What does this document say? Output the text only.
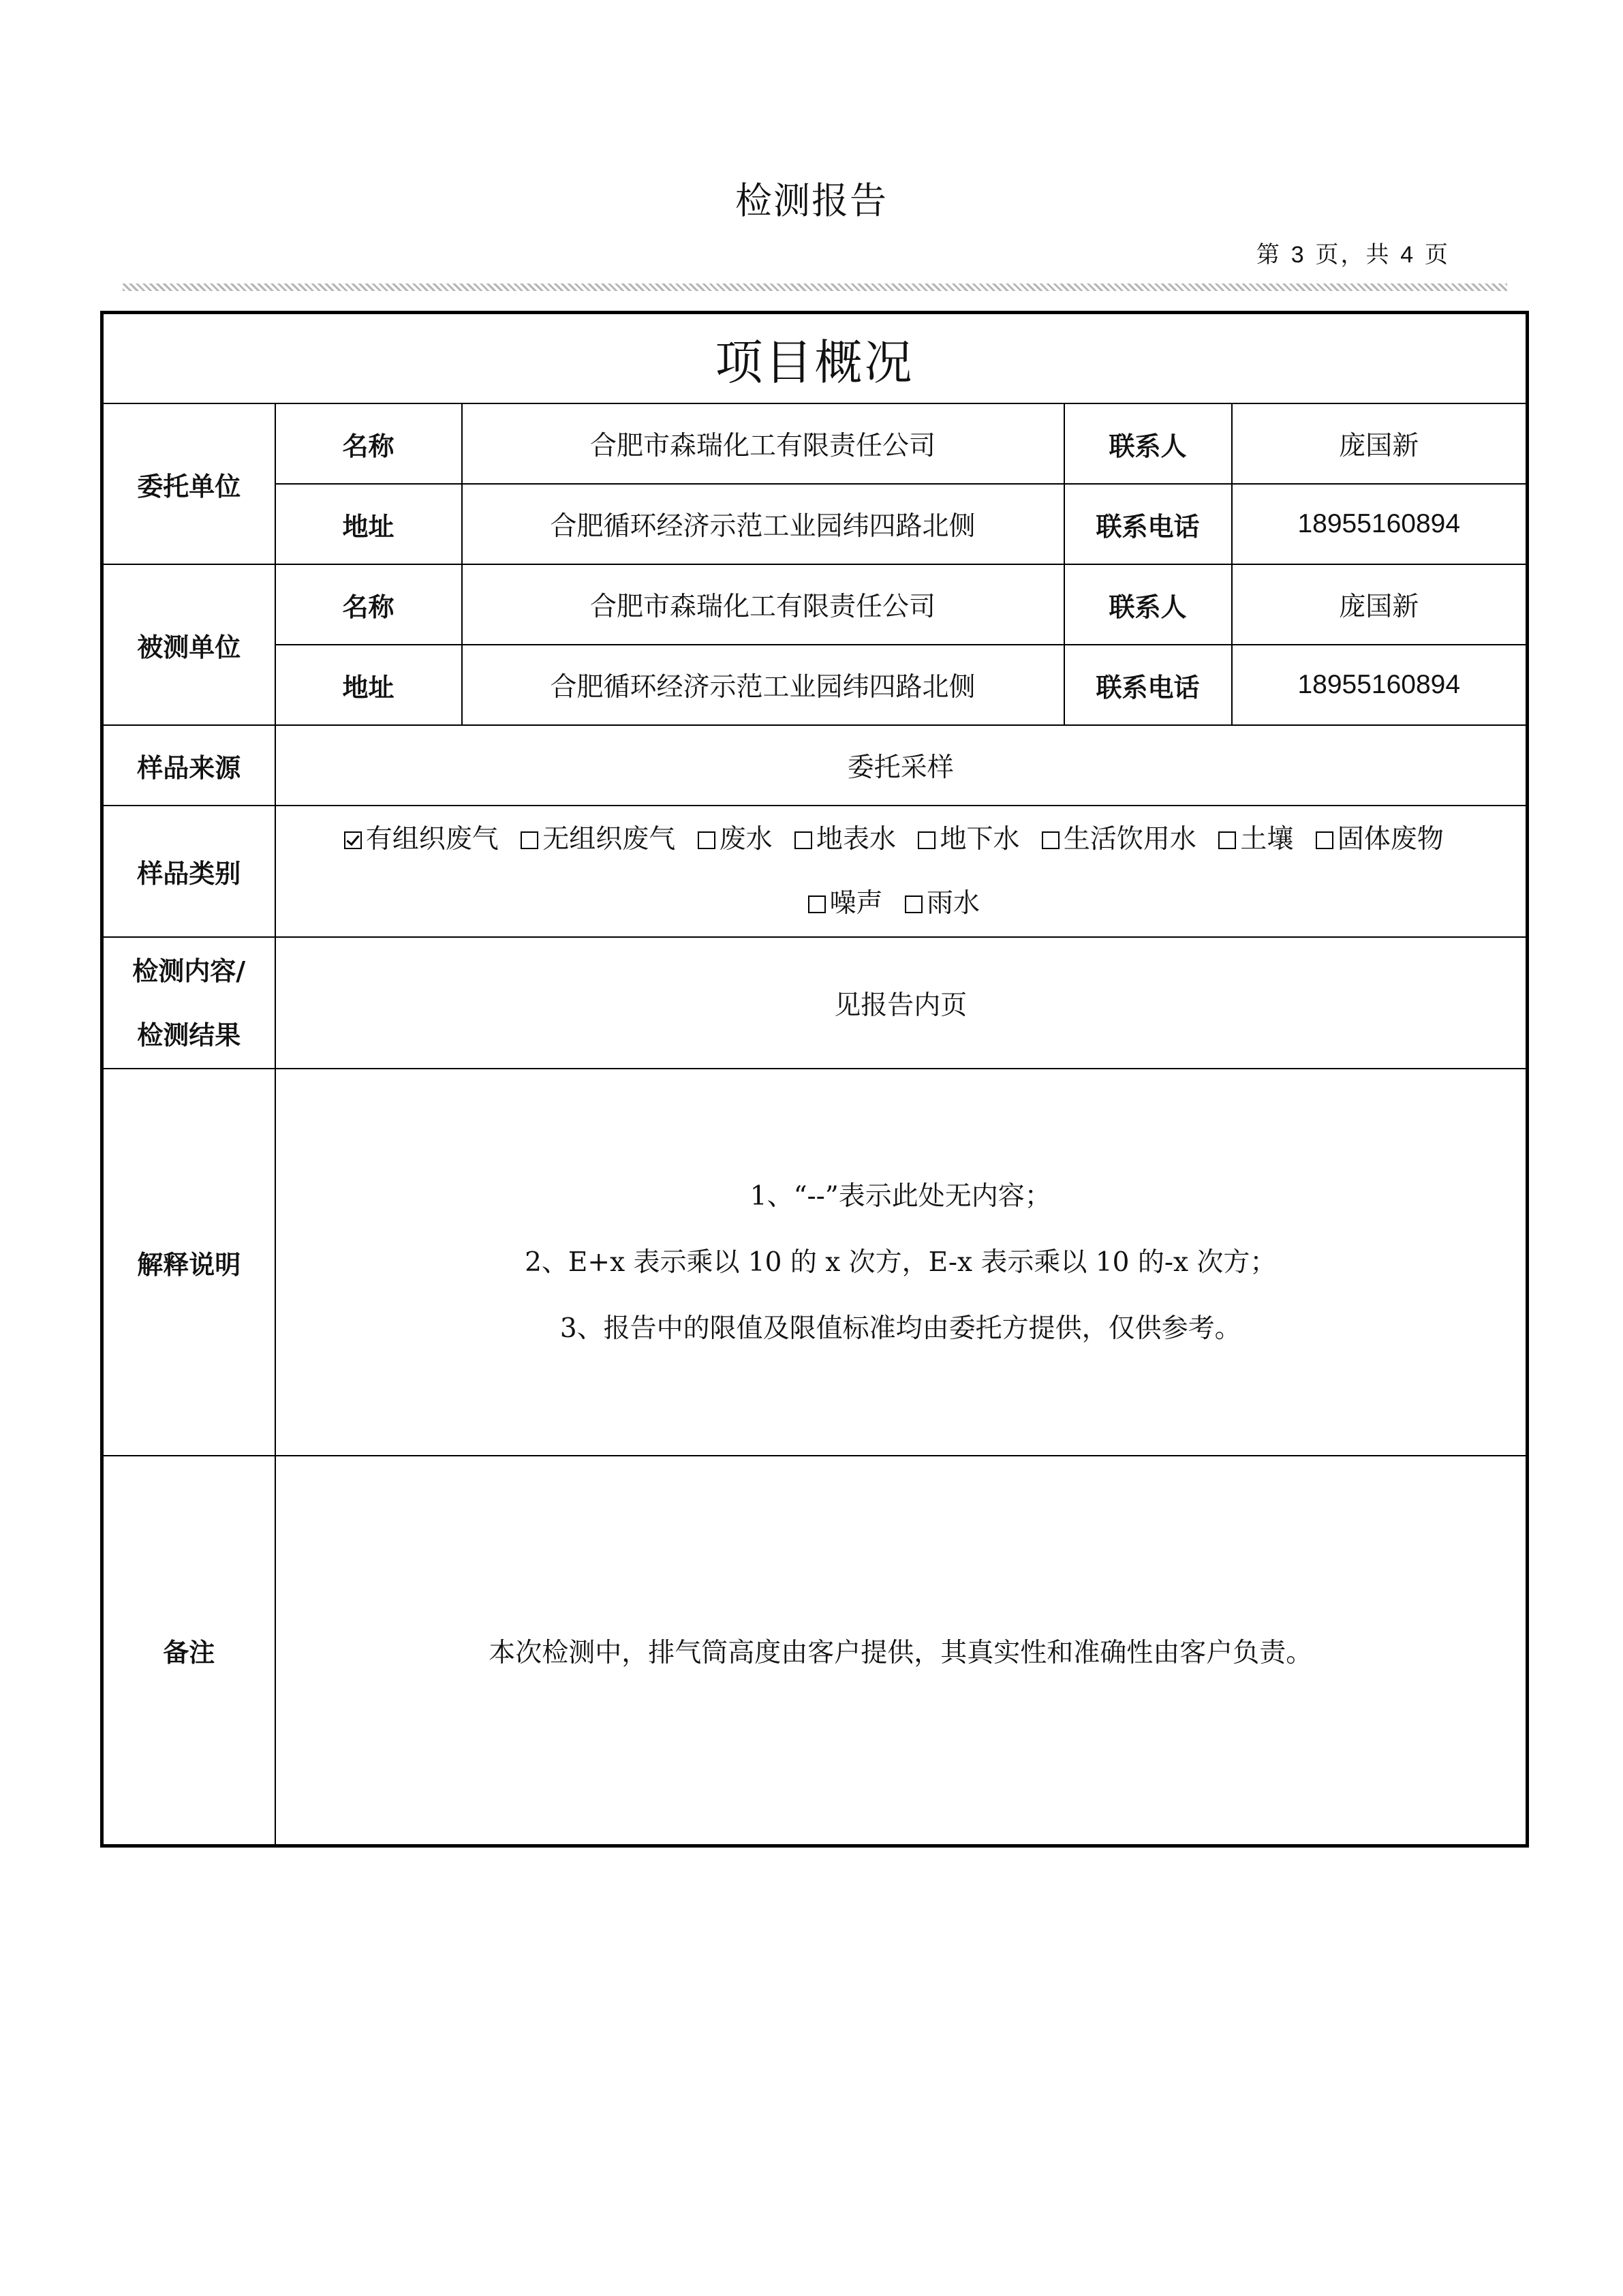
检测报告
第 3 页，共 4 页
项目概况				
委托单位	名称	合肥市森瑞化工有限责任公司	联系人	庞国新
	地址	合肥循环经济示范工业园纬四路北侧	联系电话	18955160894
被测单位	名称	合肥市森瑞化工有限责任公司	联系人	庞国新
	地址	合肥循环经济示范工业园纬四路北侧	联系电话	18955160894
样品来源	委托采样			
样品类别	有组织废气 无组织废气 废水 地表水 地下水 生活饮用水 土壤 固体废物
噪声 雨水			

检测内容/
检测结果	见报告内页			
解释说明	1、“--”表示此处无内容；
2、E+x 表示乘以 10 的 x 次方，E-x 表示乘以 10 的-x 次方；
3、报告中的限值及限值标准均由委托方提供，仅供参考。			

备注	本次检测中，排气筒高度由客户提供，其真实性和准确性由客户负责。			
